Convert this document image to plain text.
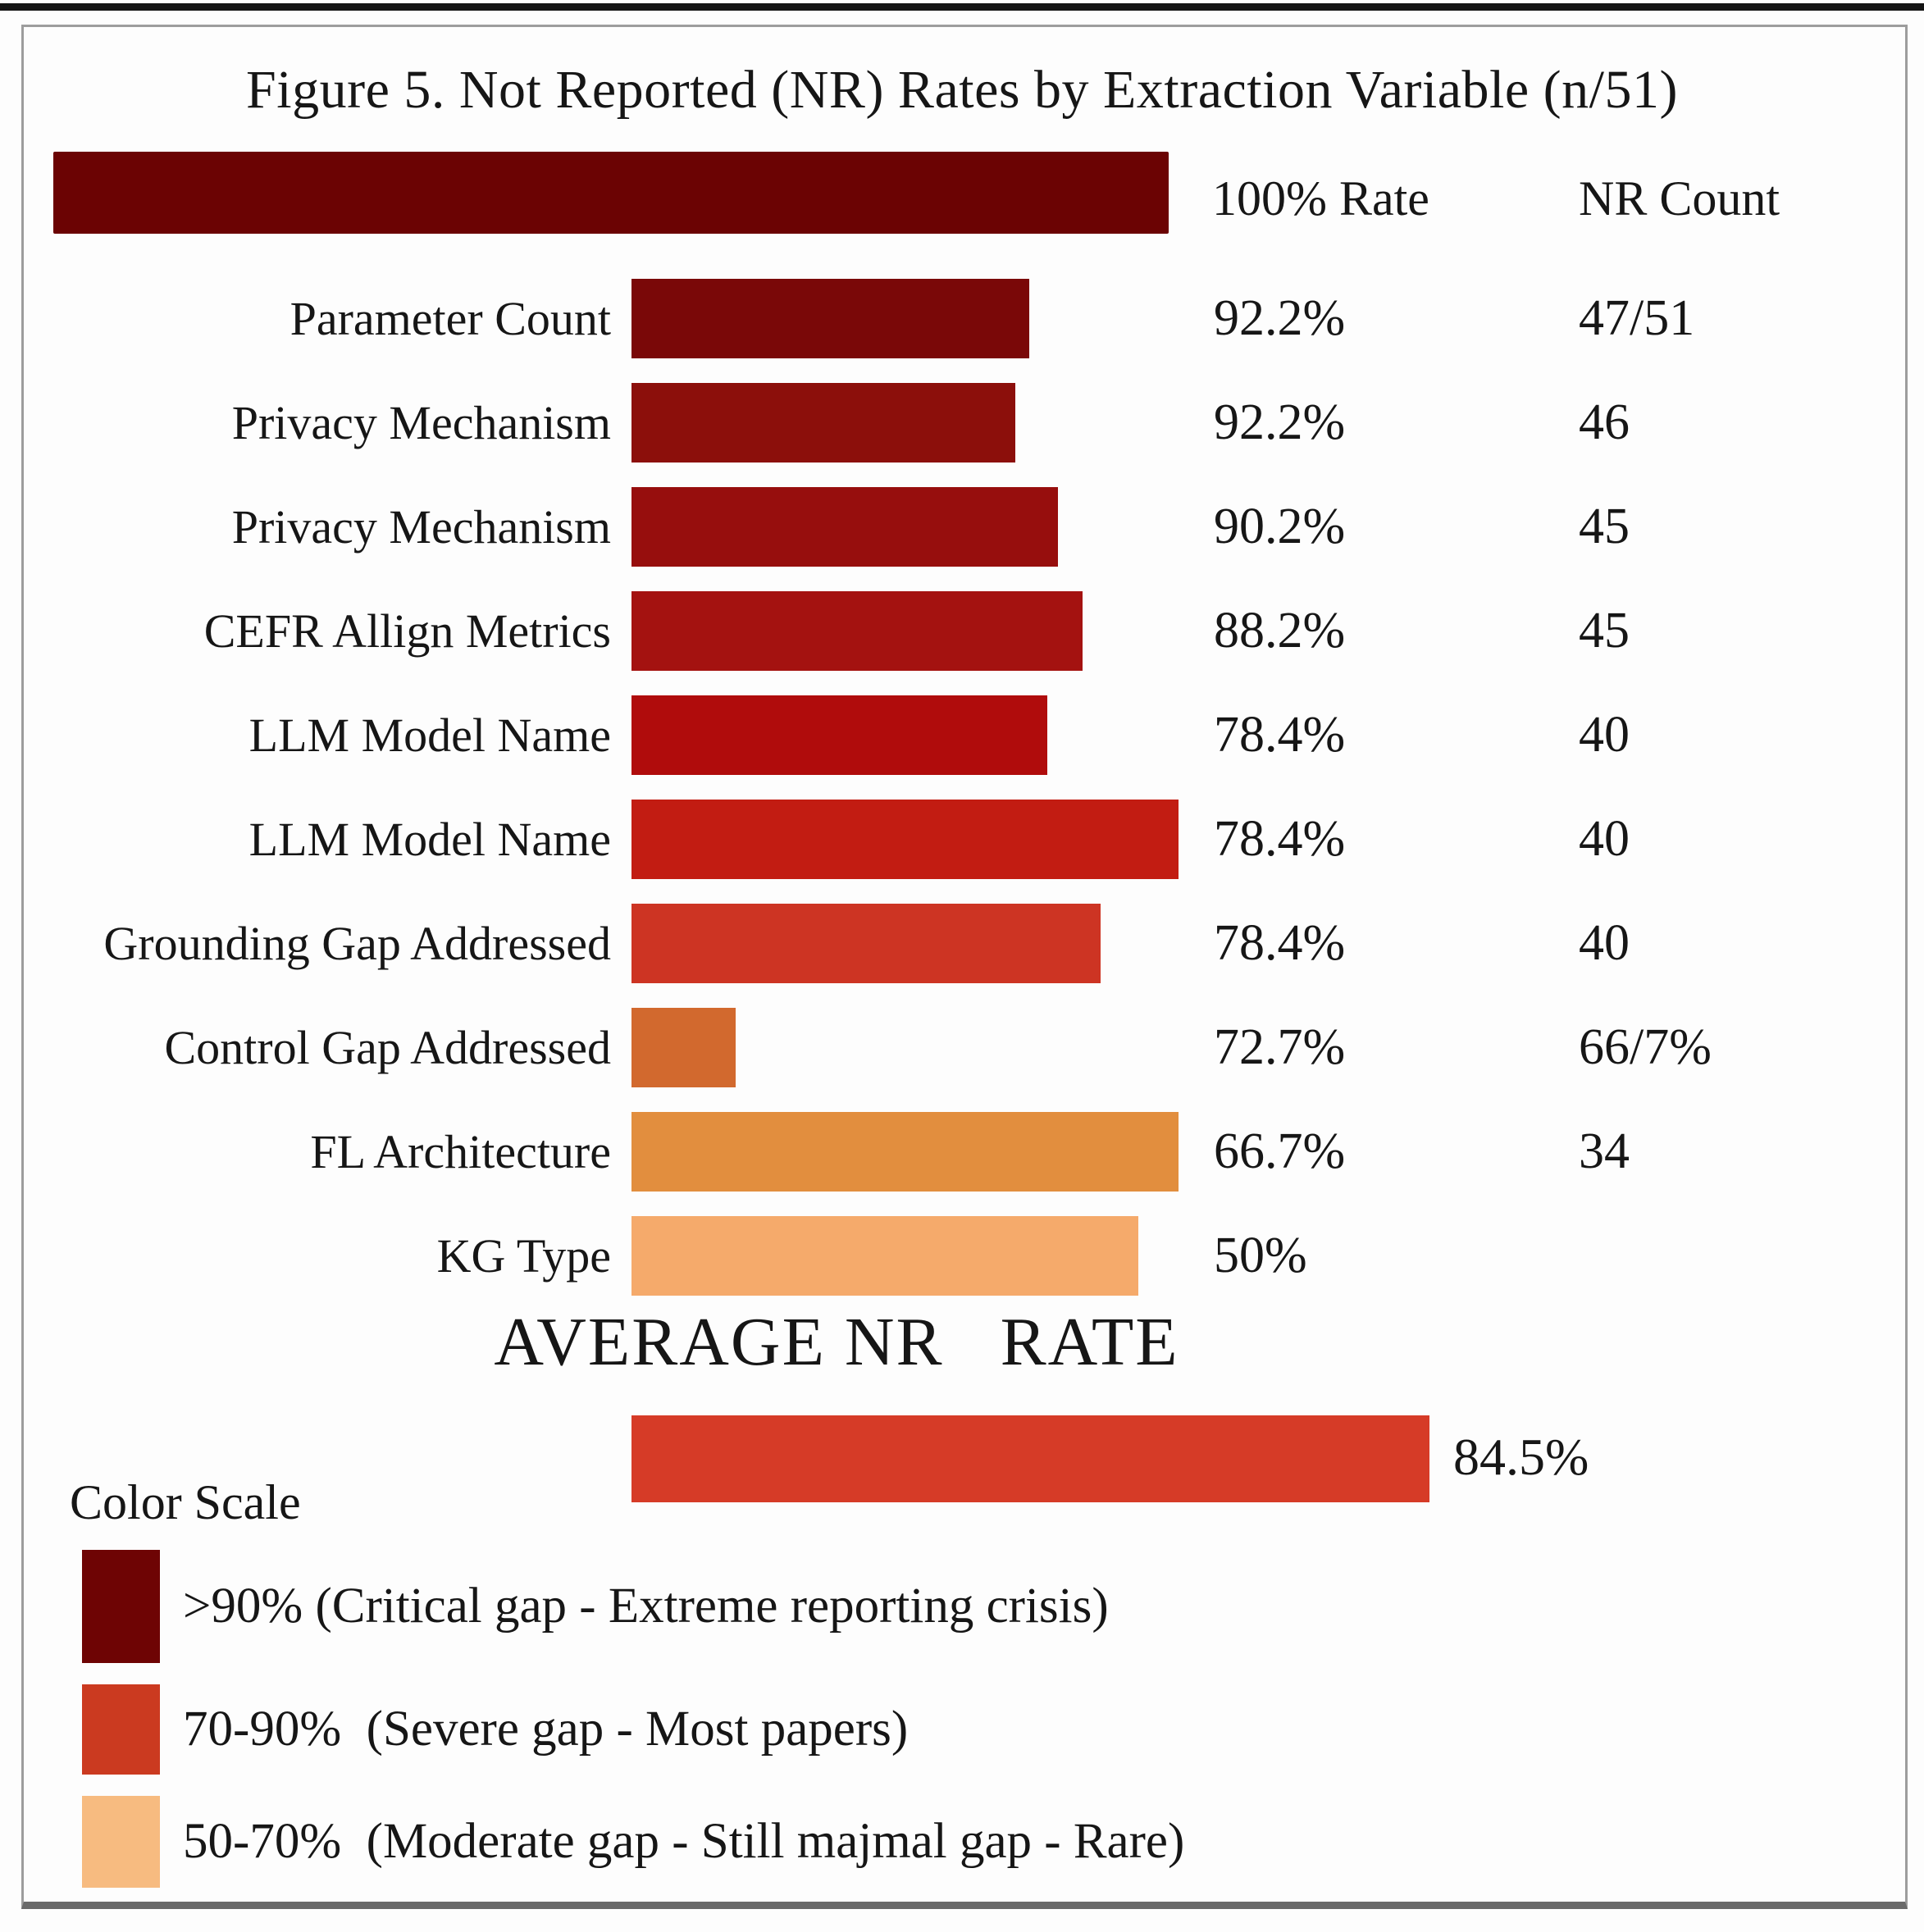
Figure 5. Not Reported (NR) Rates by Extraction Variable (n/51)
100% Rate	NR Count
Parameter Count	92.2%	47/51
Privacy Mechanism	92.2%	46
Privacy Mechanism	90.2%	45
CEFR Allign Metrics	88.2%	45
LLM Model Name	78.4%	40
LLM Model Name	78.4%	40
Grounding Gap Addressed	78.4%	40
Control Gap Addressed	72.7%	66/7%
FL Architecture	66.7%	34
KG Type	50%
AVERAGE NR   RATE
84.5%
Color Scale
>90% (Critical gap - Extreme reporting crisis)
70-90%  (Severe gap - Most papers)
50-70%  (Moderate gap - Still majmal gap - Rare)
